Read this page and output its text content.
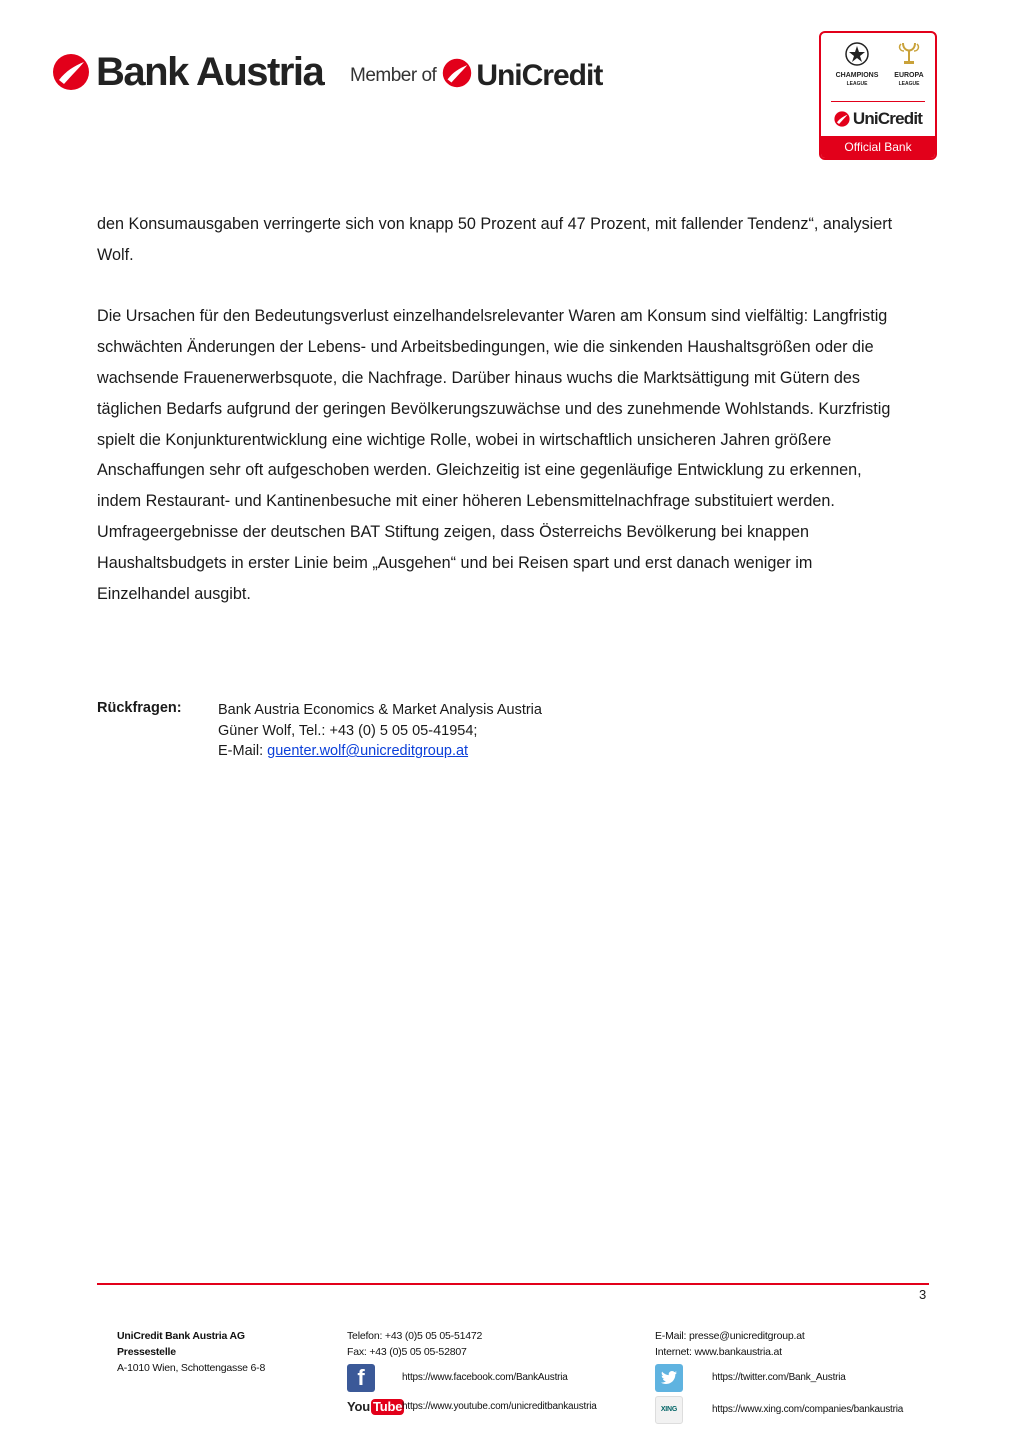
Bank Austria Member of UniCredit	CHAMPIONS
LEAGUE
EUROPA
LEAGUE
UniCredit
Official Bank

den Konsumausgaben verringerte sich von knapp 50 Prozent auf 47 Prozent, mit fallender Tendenz“, analysiert Wolf.

Die Ursachen für den Bedeutungsverlust einzelhandelsrelevanter Waren am Konsum sind vielfältig: Langfristig schwächten Änderungen der Lebens- und Arbeitsbedingungen, wie die sinkenden Haushaltsgrößen oder die wachsende Frauenerwerbsquote, die Nachfrage. Darüber hinaus wuchs die Marktsättigung mit Gütern des täglichen Bedarfs aufgrund der geringen Bevölkerungszuwächse und des zunehmende Wohlstands. Kurzfristig spielt die Konjunkturentwicklung eine wichtige Rolle, wobei in wirtschaftlich unsicheren Jahren größere Anschaffungen sehr oft aufgeschoben werden. Gleichzeitig ist eine gegenläufige Entwicklung zu erkennen, indem Restaurant- und Kantinenbesuche mit einer höheren Lebensmittelnachfrage substituiert werden. Umfrageergebnisse der deutschen BAT Stiftung zeigen, dass Österreichs Bevölkerung bei knappen Haushaltsbudgets in erster Linie beim „Ausgehen“ und bei Reisen spart und erst danach weniger im Einzelhandel ausgibt.

Rückfragen:	Bank Austria Economics & Market Analysis Austria
Güner Wolf, Tel.: +43 (0) 5 05 05-41954;
E-Mail: guenter.wolf@unicreditgroup.at
3
UniCredit Bank Austria AG
Pressestelle
A-1010 Wien, Schottengasse 6-8
Telefon: +43 (0)5 05 05-51472
Fax: +43 (0)5 05 05-52807
f	https://www.facebook.com/BankAustria
You Tube https://www.youtube.com/unicreditbankaustria
E-Mail: presse@unicreditgroup.at
Internet: www.bankaustria.at
https://twitter.com/Bank_Austria
XING	https://www.xing.com/companies/bankaustria
